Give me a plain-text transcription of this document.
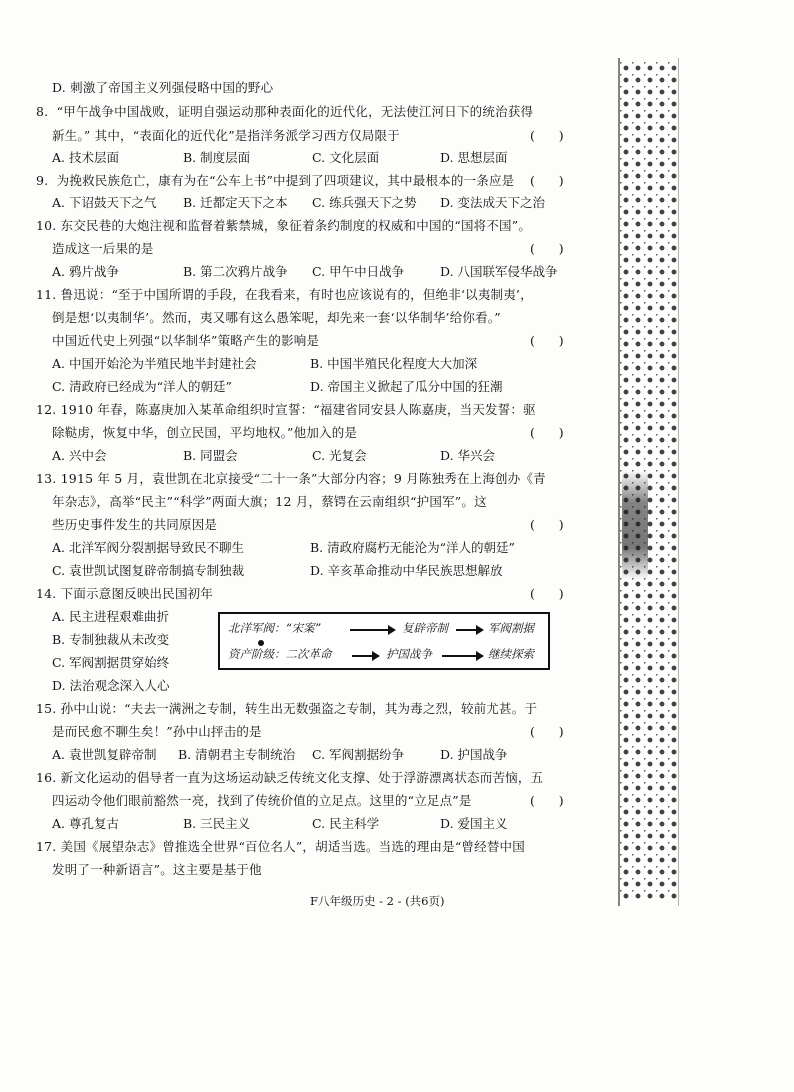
D. 刺激了帝国主义列强侵略中国的野心
8.  “甲午战争中国战败，证明自强运动那种表面化的近代化，无法使江河日下的统治获得
新生。” 其中，“表面化的近代化”是指洋务派学习西方仅局限于	(      )
A. 技术层面	B. 制度层面	C. 文化层面	D. 思想层面
9.  为挽救民族危亡，康有为在“公车上书”中提到了四项建议，其中最根本的一条应是 (      )
A. 下诏鼓天下之气 B. 迁都定天下之本 C. 练兵强天下之势 D. 变法成天下之治
10. 东交民巷的大炮注视和监督着紫禁城，象征着条约制度的权威和中国的“国将不国”。
造成这一后果的是	(      )
A. 鸦片战争	B. 第二次鸦片战争 C. 甲午中日战争	D. 八国联军侵华战争
11. 鲁迅说：“至于中国所谓的手段，在我看来，有时也应该说有的，但绝非‘以夷制夷’，
倒是想‘以夷制华’。然而，夷又哪有这么愚笨呢，却先来一套‘以华制华’给你看。”
中国近代史上列强“以华制华”策略产生的影响是	(      )
A. 中国开始沦为半殖民地半封建社会	B. 中国半殖民化程度大大加深
C. 清政府已经成为“洋人的朝廷”	D. 帝国主义掀起了瓜分中国的狂潮
12. 1910 年春，陈嘉庚加入某革命组织时宣誓：“福建省同安县人陈嘉庚，当天发誓：驱
除鞑虏，恢复中华，创立民国，平均地权。”他加入的是	(      )
A. 兴中会	B. 同盟会	C. 光复会	D. 华兴会
13. 1915 年 5 月，袁世凯在北京接受“二十一条”大部分内容；9 月陈独秀在上海创办《青
年杂志》，高举“民主”“科学”两面大旗；12 月，蔡锷在云南组织“护国军”。这
些历史事件发生的共同原因是	(      )
A. 北洋军阀分裂割据导致民不聊生	B. 清政府腐朽无能沦为“洋人的朝廷”
C. 袁世凯试图复辟帝制搞专制独裁	D. 辛亥革命推动中华民族思想解放
14. 下面示意图反映出民国初年	(      )
A. 民主进程艰难曲折
B. 专制独裁从未改变
C. 军阀割据贯穿始终
D. 法治观念深入人心
北洋军阀：“宋案”	复辟帝制	军阀割据
资产阶级：二次革命	护国战争	继续探索
15. 孙中山说：“夫去一满洲之专制，转生出无数强盗之专制，其为毒之烈，较前尤甚。于
是而民愈不聊生矣！”孙中山抨击的是	(      )
A. 袁世凯复辟帝制 B. 清朝君主专制统治 C. 军阀割据纷争	D. 护国战争
16. 新文化运动的倡导者一直为这场运动缺乏传统文化支撑、处于浮游漂离状态而苦恼，五
四运动令他们眼前豁然一亮，找到了传统价值的立足点。这里的“立足点”是	(      )
A. 尊孔复古	B. 三民主义	C. 民主科学	D. 爱国主义
17. 美国《展望杂志》曾推选全世界“百位名人”，胡适当选。当选的理由是“曾经替中国
发明了一种新语言”。这主要是基于他
F八年级历史 - 2 - (共6页)
